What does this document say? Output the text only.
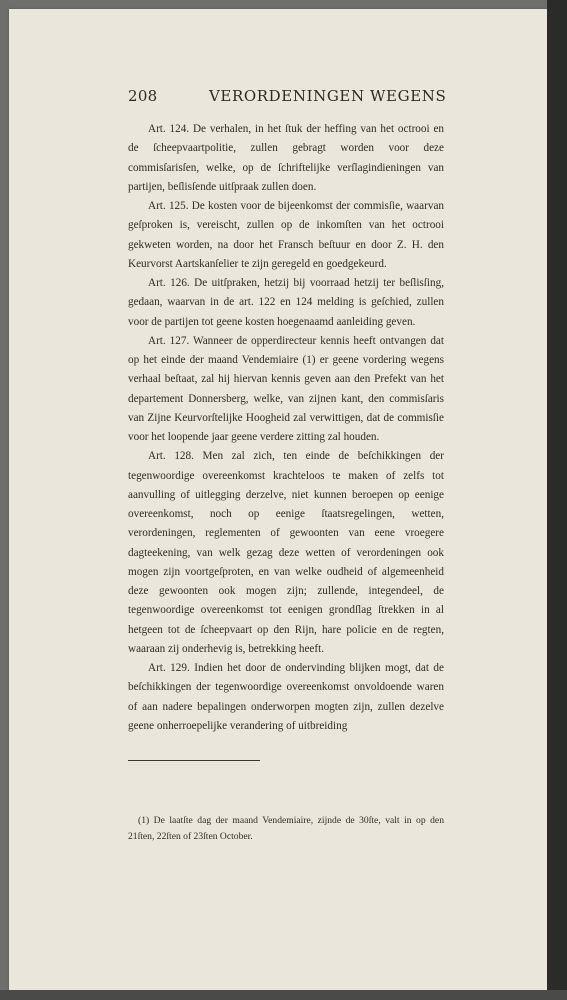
208	VERORDENINGEN WEGENS

Art. 124. De verhalen, in het ſtuk der heffing van het octrooi en de ſcheepvaartpolitie, zullen gebragt worden voor deze commisſarisſen, welke, op de ſchriftelijke verſlagindieningen van partijen, beſlisſende uitſpraak zullen doen.

Art. 125. De kosten voor de bijeenkomst der commisſie, waarvan geſproken is, vereischt, zullen op de inkomſten van het octrooi gekweten worden, na door het Fransch beſtuur en door Z. H. den Keurvorst Aartskanſelier te zijn geregeld en goedgekeurd.

Art. 126. De uitſpraken, hetzij bij voorraad hetzij ter beſlisſing, gedaan, waarvan in de art. 122 en 124 melding is geſchied, zullen voor de partijen tot geene kosten hoegenaamd aanleiding geven.

Art. 127. Wanneer de opperdirecteur kennis heeft ontvangen dat op het einde der maand Vendemiaire (1) er geene vordering wegens verhaal beſtaat, zal hij hiervan kennis geven aan den Prefekt van het departement Donnersberg, welke, van zijnen kant, den commisſaris van Zijne Keurvorſtelijke Hoogheid zal verwittigen, dat de commisſie voor het loopende jaar geene verdere zitting zal houden.

Art. 128. Men zal zich, ten einde de beſchikkingen der tegenwoordige overeenkomst krachteloos te maken of zelfs tot aanvulling of uitlegging derzelve, niet kunnen beroepen op eenige overeenkomst, noch op eenige ſtaatsregelingen, wetten, verordeningen, reglementen of gewoonten van eene vroegere dagteekening, van welk gezag deze wetten of verordeningen ook mogen zijn voortgeſproten, en van welke oudheid of algemeenheid deze gewoonten ook mogen zijn; zullende, integendeel, de tegenwoordige overeenkomst tot eenigen grondſlag ſtrekken in al hetgeen tot de ſcheepvaart op den Rijn, hare policie en de regten, waaraan zij onderhevig is, betrekking heeft.

Art. 129. Indien het door de ondervinding blijken mogt, dat de beſchikkingen der tegenwoordige overeenkomst onvoldoende waren of aan nadere bepalingen onderworpen mogten zijn, zullen dezelve geene onherroepelijke verandering of uitbreiding

(1) De laatſte dag der maand Vendemiaire, zijnde de 30ſte, valt in op den 21ſten, 22ſten of 23ſten October.
